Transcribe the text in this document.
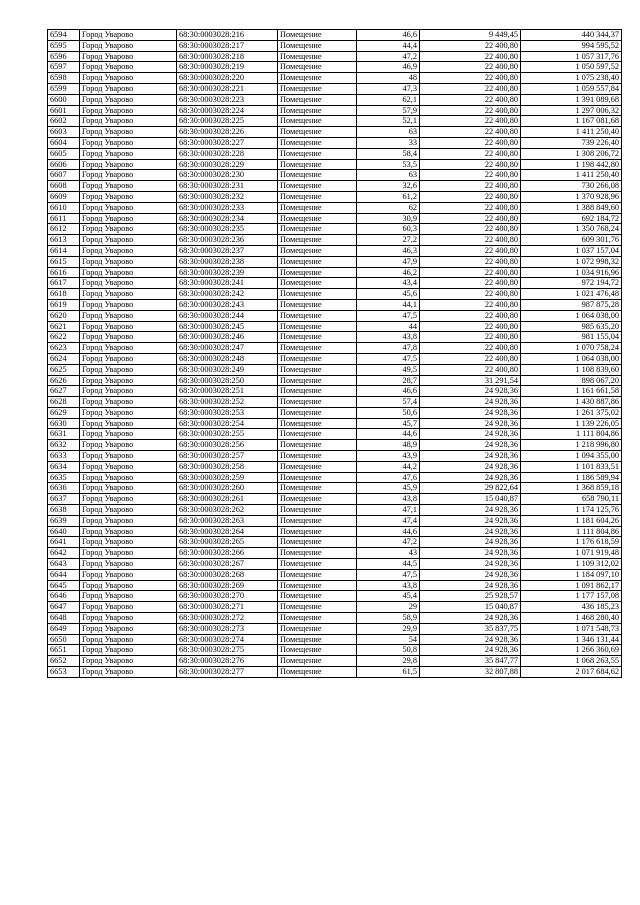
6594	Город Уварово	68:30:0003028:216	Помещение	46,6	9 449,45	440 344,37
6595	Город Уварово	68:30:0003028:217	Помещение	44,4	22 400,80	994 595,52
6596	Город Уварово	68:30:0003028:218	Помещение	47,2	22 400,80	1 057 317,76
6597	Город Уварово	68:30:0003028:219	Помещение	46,9	22 400,80	1 050 597,52
6598	Город Уварово	68:30:0003028:220	Помещение	48	22 400,80	1 075 238,40
6599	Город Уварово	68:30:0003028:221	Помещение	47,3	22 400,80	1 059 557,84
6600	Город Уварово	68:30:0003028:223	Помещение	62,1	22 400,80	1 391 089,68
6601	Город Уварово	68:30:0003028:224	Помещение	57,9	22 400,80	1 297 006,32
6602	Город Уварово	68:30:0003028:225	Помещение	52,1	22 400,80	1 167 081,68
6603	Город Уварово	68:30:0003028:226	Помещение	63	22 400,80	1 411 250,40
6604	Город Уварово	68:30:0003028:227	Помещение	33	22 400,80	739 226,40
6605	Город Уварово	68:30:0003028:228	Помещение	58,4	22 400,80	1 308 206,72
6606	Город Уварово	68:30:0003028:229	Помещение	53,5	22 400,80	1 198 442,80
6607	Город Уварово	68:30:0003028:230	Помещение	63	22 400,80	1 411 250,40
6608	Город Уварово	68:30:0003028:231	Помещение	32,6	22 400,80	730 266,08
6609	Город Уварово	68:30:0003028:232	Помещение	61,2	22 400,80	1 370 928,96
6610	Город Уварово	68:30:0003028:233	Помещение	62	22 400,80	1 388 849,60
6611	Город Уварово	68:30:0003028:234	Помещение	30,9	22 400,80	692 184,72
6612	Город Уварово	68:30:0003028:235	Помещение	60,3	22 400,80	1 350 768,24
6613	Город Уварово	68:30:0003028:236	Помещение	27,2	22 400,80	609 301,76
6614	Город Уварово	68:30:0003028:237	Помещение	46,3	22 400,80	1 037 157,04
6615	Город Уварово	68:30:0003028:238	Помещение	47,9	22 400,80	1 072 998,32
6616	Город Уварово	68:30:0003028:239	Помещение	46,2	22 400,80	1 034 916,96
6617	Город Уварово	68:30:0003028:241	Помещение	43,4	22 400,80	972 194,72
6618	Город Уварово	68:30:0003028:242	Помещение	45,6	22 400,80	1 021 476,48
6619	Город Уварово	68:30:0003028:243	Помещение	44,1	22 400,80	987 875,28
6620	Город Уварово	68:30:0003028:244	Помещение	47,5	22 400,80	1 064 038,00
6621	Город Уварово	68:30:0003028:245	Помещение	44	22 400,80	985 635,20
6622	Город Уварово	68:30:0003028:246	Помещение	43,8	22 400,80	981 155,04
6623	Город Уварово	68:30:0003028:247	Помещение	47,8	22 400,80	1 070 758,24
6624	Город Уварово	68:30:0003028:248	Помещение	47,5	22 400,80	1 064 038,00
6625	Город Уварово	68:30:0003028:249	Помещение	49,5	22 400,80	1 108 839,60
6626	Город Уварово	68:30:0003028:250	Помещение	28,7	31 291,54	898 067,20
6627	Город Уварово	68:30:0003028:251	Помещение	46,6	24 928,36	1 161 661,58
6628	Город Уварово	68:30:0003028:252	Помещение	57,4	24 928,36	1 430 887,86
6629	Город Уварово	68:30:0003028:253	Помещение	50,6	24 928,36	1 261 375,02
6630	Город Уварово	68:30:0003028:254	Помещение	45,7	24 928,36	1 139 226,05
6631	Город Уварово	68:30:0003028:255	Помещение	44,6	24 928,36	1 111 804,86
6632	Город Уварово	68:30:0003028:256	Помещение	48,9	24 928,36	1 218 996,80
6633	Город Уварово	68:30:0003028:257	Помещение	43,9	24 928,36	1 094 355,00
6634	Город Уварово	68:30:0003028:258	Помещение	44,2	24 928,36	1 101 833,51
6635	Город Уварово	68:30:0003028:259	Помещение	47,6	24 928,36	1 186 589,94
6636	Город Уварово	68:30:0003028:260	Помещение	45,9	29 822,64	1 368 859,18
6637	Город Уварово	68:30:0003028:261	Помещение	43,8	15 040,87	658 790,11
6638	Город Уварово	68:30:0003028:262	Помещение	47,1	24 928,36	1 174 125,76
6639	Город Уварово	68:30:0003028:263	Помещение	47,4	24 928,36	1 181 604,26
6640	Город Уварово	68:30:0003028:264	Помещение	44,6	24 928,36	1 111 804,86
6641	Город Уварово	68:30:0003028:265	Помещение	47,2	24 928,36	1 176 618,59
6642	Город Уварово	68:30:0003028:266	Помещение	43	24 928,36	1 071 919,48
6643	Город Уварово	68:30:0003028:267	Помещение	44,5	24 928,36	1 109 312,02
6644	Город Уварово	68:30:0003028:268	Помещение	47,5	24 928,36	1 184 097,10
6645	Город Уварово	68:30:0003028:269	Помещение	43,8	24 928,36	1 091 862,17
6646	Город Уварово	68:30:0003028:270	Помещение	45,4	25 928,57	1 177 157,08
6647	Город Уварово	68:30:0003028:271	Помещение	29	15 040,87	436 185,23
6648	Город Уварово	68:30:0003028:272	Помещение	58,9	24 928,36	1 468 280,40
6649	Город Уварово	68:30:0003028:273	Помещение	29,9	35 837,75	1 071 548,73
6650	Город Уварово	68:30:0003028:274	Помещение	54	24 928,36	1 346 131,44
6651	Город Уварово	68:30:0003028:275	Помещение	50,8	24 928,36	1 266 360,69
6652	Город Уварово	68:30:0003028:276	Помещение	29,8	35 847,77	1 068 263,55
6653	Город Уварово	68:30:0003028:277	Помещение	61,5	32 807,88	2 017 684,62
